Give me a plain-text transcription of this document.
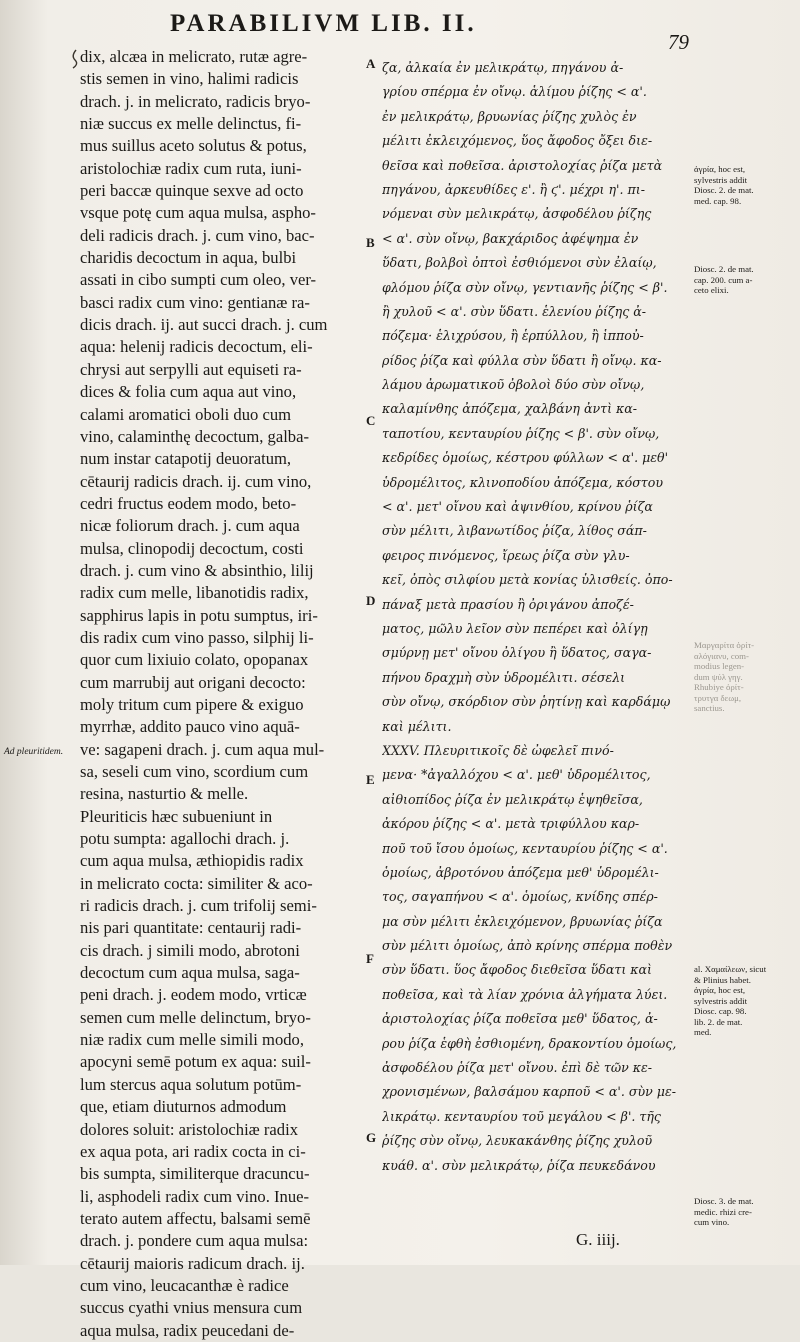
PARABILIVM LIB. II.
79
dix, alcæa in melicrato, rutæ agre-
stis semen in vino, halimi radicis
drach. j. in melicrato, radicis bryo-
niæ succus ex melle delinctus, fi-
mus suillus aceto solutus & potus,
aristolochiæ radix cum ruta, iuni-
peri baccæ quinque sexve ad octo
vsque potę cum aqua mulsa, aspho-
deli radicis drach. j. cum vino, bac-
charidis decoctum in aqua, bulbi
assati in cibo sumpti cum oleo, ver-
basci radix cum vino: gentianæ ra-
dicis drach. ij. aut succi drach. j. cum
aqua: helenij radicis decoctum, eli-
chrysi aut serpylli aut equiseti ra-
dices & folia cum aqua aut vino,
calami aromatici oboli duo cum
vino, calaminthę decoctum, galba-
num instar catapotij deuoratum,
cētaurij radicis drach. ij. cum vino,
cedri fructus eodem modo, beto-
nicæ foliorum drach. j. cum aqua
mulsa, clinopodij decoctum, costi
drach. j. cum vino & absinthio, lilij
radix cum melle, libanotidis radix,
sapphirus lapis in potu sumptus, iri-
dis radix cum vino passo, silphij li-
quor cum lixiuio colato, opopanax
cum marrubij aut origani decocto:
moly tritum cum pipere & exiguo
myrrhæ, addito pauco vino aquā-
ve: sagapeni drach. j. cum aqua mul-
sa, seseli cum vino, scordium cum
resina, nasturtio & melle.
Pleuriticis hæc subueniunt in
potu sumpta: agallochi drach. j.
cum aqua mulsa, æthiopidis radix
in melicrato cocta: similiter & aco-
ri radicis drach. j. cum trifolij semi-
nis pari quantitate: centaurij radi-
cis drach. j simili modo, abrotoni
decoctum cum aqua mulsa, saga-
peni drach. j. eodem modo, vrticæ
semen cum melle delinctum, bryo-
niæ radix cum melle simili modo,
apocyni semē potum ex aqua: suil-
lum stercus aqua solutum potūm-
que, etiam diuturnos admodum
dolores soluit: aristolochiæ radix
ex aqua pota, ari radix cocta in ci-
bis sumpta, similiterque dracuncu-
li, asphodeli radix cum vino. Inue-
terato autem affectu, balsami semē
drach. j. pondere cum aqua mulsa:
cētaurij maioris radicum drach. ij.
cum vino, leucacanthæ è radice
succus cyathi vnius mensura cum
aqua mulsa, radix peucedani de-
ζα, ἀλκαία ἐν μελικράτῳ, πηγάνου ἀ-
γρίου σπέρμα ἐν οἴνῳ. ἁλίμου ῥίζης < α'.
ἐν μελικράτῳ, βρυωνίας ῥίζης χυλὸς ἐν
μέλιτι ἐκλειχόμενος, ὕος ἄφοδος ὄξει διε-
θεῖσα καὶ ποθεῖσα. ἀριστολοχίας ῥίζα μετὰ
πηγάνου, ἀρκευθίδες ε'. ἢ ϛ'. μέχρι η'. πι-
νόμεναι σὺν μελικράτῳ, ἀσφοδέλου ῥίζης
< α'. σὺν οἴνῳ, βακχάριδος ἀφέψημα ἐν
ὕδατι, βολβοὶ ὀπτοὶ ἐσθιόμενοι σὺν ἐλαίῳ,
φλόμου ῥίζα σὺν οἴνῳ, γεντιανῆς ῥίζης < β'.
ἢ χυλοῦ < α'. σὺν ὕδατι. ἑλενίου ῥίζης ἀ-
πόζεμα· ἑλιχρύσου, ἢ ἑρπύλλου, ἢ ἱπποὐ-
ρίδος ῥίζα καὶ φύλλα σὺν ὕδατι ἢ οἴνῳ. κα-
λάμου ἀρωματικοῦ ὀβολοὶ δύο σὺν οἴνῳ,
καλαμίνθης ἀπόζεμα, χαλβάνη ἀντὶ κα-
ταποτίου, κενταυρίου ῥίζης < β'. σὺν οἴνῳ,
κεδρίδες ὁμοίως, κέστρου φύλλων < α'. μεθ'
ὑδρομέλιτος, κλινοποδίου ἀπόζεμα, κόστου
< α'. μετ' οἴνου καὶ ἀψινθίου, κρίνου ῥίζα
σὺν μέλιτι, λιβανωτίδος ῥίζα, λίθος σάπ-
φειρος πινόμενος, ἴρεως ῥίζα σὺν γλυ-
κεῖ, ὀπὸς σιλφίου μετὰ κονίας ὑλισθείς. ὀπο-
πάναξ μετὰ πρασίου ἢ ὀριγάνου ἀποζέ-
ματος, μῶλυ λεῖον σὺν πεπέρει καὶ ὀλίγῃ
σμύρνῃ μετ' οἴνου ὀλίγου ἢ ὕδατος, σαγα-
πήνου δραχμὴ σὺν ὑδρομέλιτι. σέσελι
σὺν οἴνῳ, σκόρδιον σὺν ῥητίνῃ καὶ καρδάμῳ
καὶ μέλιτι.
ΧΧΧV. Πλευριτικοῖς δὲ ὠφελεῖ πινό-
μενα· *ἀγαλλόχου < α'. μεθ' ὑδρομέλιτος,
αἰθιοπίδος ῥίζα ἐν μελικράτῳ ἑψηθεῖσα,
ἀκόρου ῥίζης < α'. μετὰ τριφύλλου καρ-
ποῦ τοῦ ἴσου ὁμοίως, κενταυρίου ῥίζης < α'.
ὁμοίως, ἀβροτόνου ἀπόζεμα μεθ' ὑδρομέλι-
τος, σαγαπήνου < α'. ὁμοίως, κνίδης σπέρ-
μα σὺν μέλιτι ἐκλειχόμενον, βρυωνίας ῥίζα
σὺν μέλιτι ὁμοίως, ἀπὸ κρίνης σπέρμα ποθὲν
σὺν ὕδατι. ὕος ἄφοδος διεθεῖσα ὕδατι καὶ
ποθεῖσα, καὶ τὰ λίαν χρόνια ἀλγήματα λύει.
ἀριστολοχίας ῥίζα ποθεῖσα μεθ' ὕδατος, ἀ-
ρου ῥίζα ἑφθὴ ἐσθιομένη, δρακοντίου ὁμοίως,
ἀσφοδέλου ῥίζα μετ' οἴνου. ἐπὶ δὲ τῶν κε-
χρονισμένων, βαλσάμου καρποῦ < α'. σὺν με-
λικράτῳ. κενταυρίου τοῦ μεγάλου < β'. τῆς
ῥίζης σὺν οἴνῳ, λευκακάνθης ῥίζης χυλοῦ
κυάθ. α'. σὺν μελικράτῳ, ῥίζα πευκεδάνου
A
B
C
D
E
F
G
Ad pleuritidem.
ἀγρία, hoc est,
sylvestris addit
Diosc. 2. de mat.
med. cap. 98.
Diosc. 2. de mat.
cap. 200. cum a-
ceto elixi.
Μαργαρίτα ὀρίτ-
αλόγιανυ, com-
modius legen-
dum ψύλ γηγ.
Rhubiye ὀρίτ-
τρυτγα δεωμ,
sanctius.
al. Χαμαίλεων, sicut
& Plinius habet.
ἀγρία, hoc est,
sylvestris addit
Diosc. cap. 98.
lib. 2. de mat.
med.
Diosc. 3. de mat.
medic. rhizi cre-
cum vino.
G. iiij.
